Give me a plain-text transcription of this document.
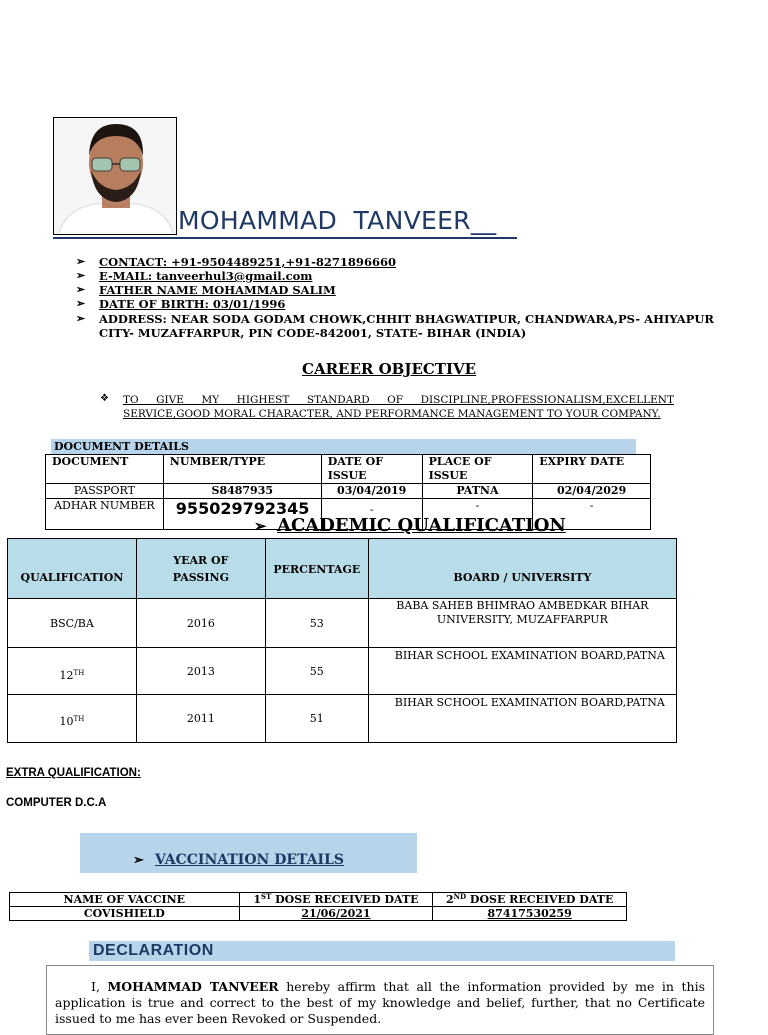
MOHAMMAD  TANVEER__
➢ CONTACT: +91-9504489251,+91-8271896660
➢ E-MAIL: tanveerhul3@gmail.com
➢ FATHER NAME MOHAMMAD SALIM
➢ DATE OF BIRTH: 03/01/1996
➢ ADDRESS: NEAR SODA GODAM CHOWK,CHHIT BHAGWATIPUR, CHANDWARA,PS- AHIYAPUR
CITY- MUZAFFARPUR, PIN CODE-842001, STATE- BIHAR (INDIA)
CAREER OBJECTIVE
❖ TO GIVE MY HIGHEST STANDARD OF DISCIPLINE,PROFESSIONALISM,EXCELLENT SERVICE,GOOD MORAL CHARACTER, AND PERFORMANCE MANAGEMENT TO YOUR COMPANY.
DOCUMENT DETAILS
DOCUMENT	NUMBER/TYPE	DATE OF ISSUE	PLACE OF ISSUE	EXPIRY DATE
PASSPORT	S8487935	03/04/2019	PATNA	02/04/2029
ADHAR NUMBER	955029792345	-	-	-
➢ ACADEMIC QUALIFICATION
QUALIFICATION	YEAR OF PASSING	PERCENTAGE	BOARD / UNIVERSITY
BSC/BA	2016	53	BABA SAHEB BHIMRAO AMBEDKAR BIHAR UNIVERSITY, MUZAFFARPUR
12TH	2013	55	BIHAR SCHOOL EXAMINATION BOARD,PATNA
10TH	2011	51	BIHAR SCHOOL EXAMINATION BOARD,PATNA
EXTRA QUALIFICATION:
COMPUTER D.C.A
➢ VACCINATION DETAILS
NAME OF VACCINE	1ST DOSE RECEIVED DATE	2ND DOSE RECEIVED DATE
COVISHIELD	21/06/2021	87417530259
DECLARATION
I, MOHAMMAD TANVEER hereby affirm that all the information provided by me in this application is true and correct to the best of my knowledge and belief, further, that no Certificate issued to me has ever been Revoked or Suspended.
